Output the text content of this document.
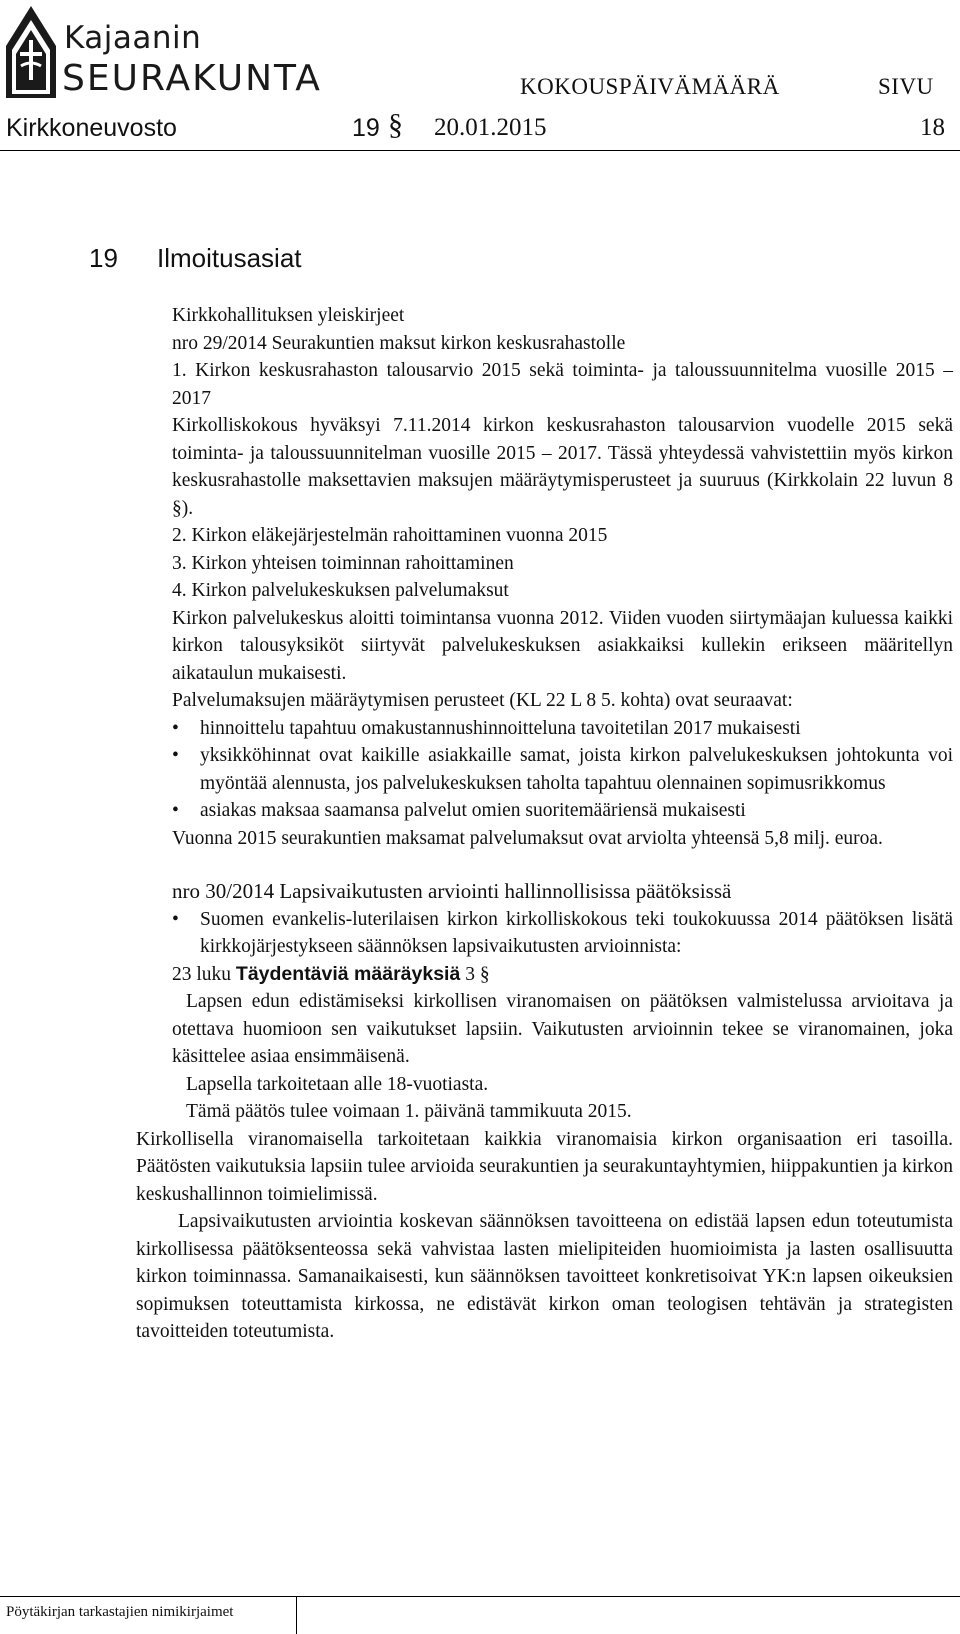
Kajaanin
SEURAKUNTA	KOKOUSPÄIVÄMÄÄRÄ	SIVU
Kirkkoneuvosto	19 § 20.01.2015	18
19 Ilmoitusasiat

Kirkkohallituksen yleiskirjeet

nro 29/2014 Seurakuntien maksut kirkon keskusrahastolle

1. Kirkon keskusrahaston talousarvio 2015 sekä toiminta- ja taloussuunnitelma vuosille 2015 – 2017

Kirkolliskokous hyväksyi 7.11.2014 kirkon keskusrahaston talousarvion vuodelle 2015 sekä toiminta- ja taloussuunnitelman vuosille 2015 – 2017. Tässä yhteydessä vahvistettiin myös kirkon keskusrahastolle maksettavien maksujen määräytymisperusteet ja suuruus (Kirkkolain 22 luvun 8 §).

2. Kirkon eläkejärjestelmän rahoittaminen vuonna 2015

3. Kirkon yhteisen toiminnan rahoittaminen

4. Kirkon palvelukeskuksen palvelumaksut

Kirkon palvelukeskus aloitti toimintansa vuonna 2012. Viiden vuoden siirtymäajan kuluessa kaikki kirkon talousyksiköt siirtyvät palvelukeskuksen asiakkaiksi kullekin erikseen määritellyn aikataulun mukaisesti.

Palvelumaksujen määräytymisen perusteet (KL 22 L 8 5. kohta) ovat seuraavat:

• hinnoittelu tapahtuu omakustannushinnoitteluna tavoitetilan 2017 mukaisesti
• yksikköhinnat ovat kaikille asiakkaille samat, joista kirkon palvelukeskuksen johtokunta voi myöntää alennusta, jos palvelukeskuksen taholta tapahtuu olennainen sopimusrikkomus
• asiakas maksaa saamansa palvelut omien suoritemääriensä mukaisesti

Vuonna 2015 seurakuntien maksamat palvelumaksut ovat arviolta yhteensä 5,8 milj. euroa.

nro 30/2014 Lapsivaikutusten arviointi hallinnollisissa päätöksissä

• Suomen evankelis-luterilaisen kirkon kirkolliskokous teki toukokuussa 2014 päätöksen lisätä kirkkojärjestykseen säännöksen lapsivaikutusten arvioinnista:

23 luku Täydentäviä määräyksiä 3 §

Lapsen edun edistämiseksi kirkollisen viranomaisen on päätöksen valmistelussa arvioitava ja otettava huomioon sen vaikutukset lapsiin. Vaikutusten arvioinnin tekee se viranomainen, joka käsittelee asiaa ensimmäisenä.

Lapsella tarkoitetaan alle 18-vuotiasta.

Tämä päätös tulee voimaan 1. päivänä tammikuuta 2015.

Kirkollisella viranomaisella tarkoitetaan kaikkia viranomaisia kirkon organisaation eri tasoilla. Päätösten vaikutuksia lapsiin tulee arvioida seurakuntien ja seurakuntayhtymien, hiippakuntien ja kirkon keskushallinnon toimielimissä.

Lapsivaikutusten arviointia koskevan säännöksen tavoitteena on edistää lapsen edun toteutumista kirkollisessa päätöksenteossa sekä vahvistaa lasten mielipiteiden huomioimista ja lasten osallisuutta kirkon toiminnassa. Samanaikaisesti, kun säännöksen tavoitteet konkretisoivat YK:n lapsen oikeuksien sopimuksen toteuttamista kirkossa, ne edistävät kirkon oman teologisen tehtävän ja strategisten tavoitteiden toteutumista.

Pöytäkirjan tarkastajien nimikirjaimet
